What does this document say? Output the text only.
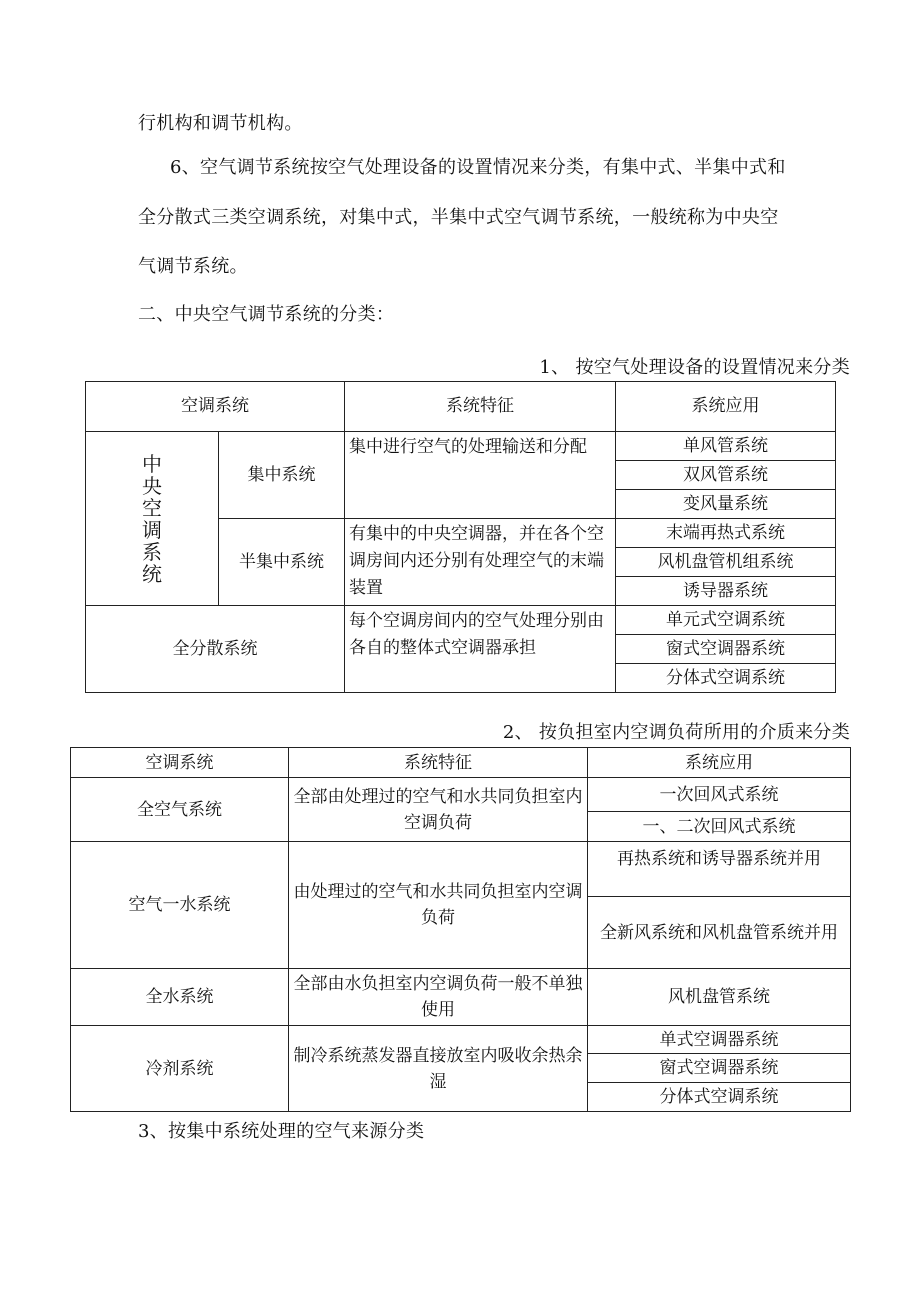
行机构和调节机构。
6、空气调节系统按空气处理设备的设置情况来分类，有集中式、半集中式和
全分散式三类空调系统，对集中式，半集中式空气调节系统，一般统称为中央空
气调节系统。
二、中央空气调节系统的分类：
1、 按空气处理设备的设置情况来分类
空调系统		系统特征	系统应用

中央空调系统	集中系统	集中进行空气的处理输送和分配	单风管系统
			双风管系统
			变风量系统
	半集中系统	有集中的中央空调器，并在各个空调房间内还分别有处理空气的末端装置	末端再热式系统
			风机盘管机组系统
			诱导器系统
全分散系统		每个空调房间内的空气处理分别由各自的整体式空调器承担	单元式空调系统
			窗式空调器系统
			分体式空调系统
2、 按负担室内空调负荷所用的介质来分类
空调系统	系统特征	系统应用
全空气系统	全部由处理过的空气和水共同负担室内空调负荷	一次回风式系统
		一、二次回风式系统
空气一水系统	由处理过的空气和水共同负担室内空调负荷	再热系统和诱导器系统并用
		全新风系统和风机盘管系统并用
全水系统	全部由水负担室内空调负荷一般不单独使用	风机盘管系统
冷剂系统	制冷系统蒸发器直接放室内吸收余热余湿	单式空调器系统
		窗式空调器系统
		分体式空调系统
3、按集中系统处理的空气来源分类
